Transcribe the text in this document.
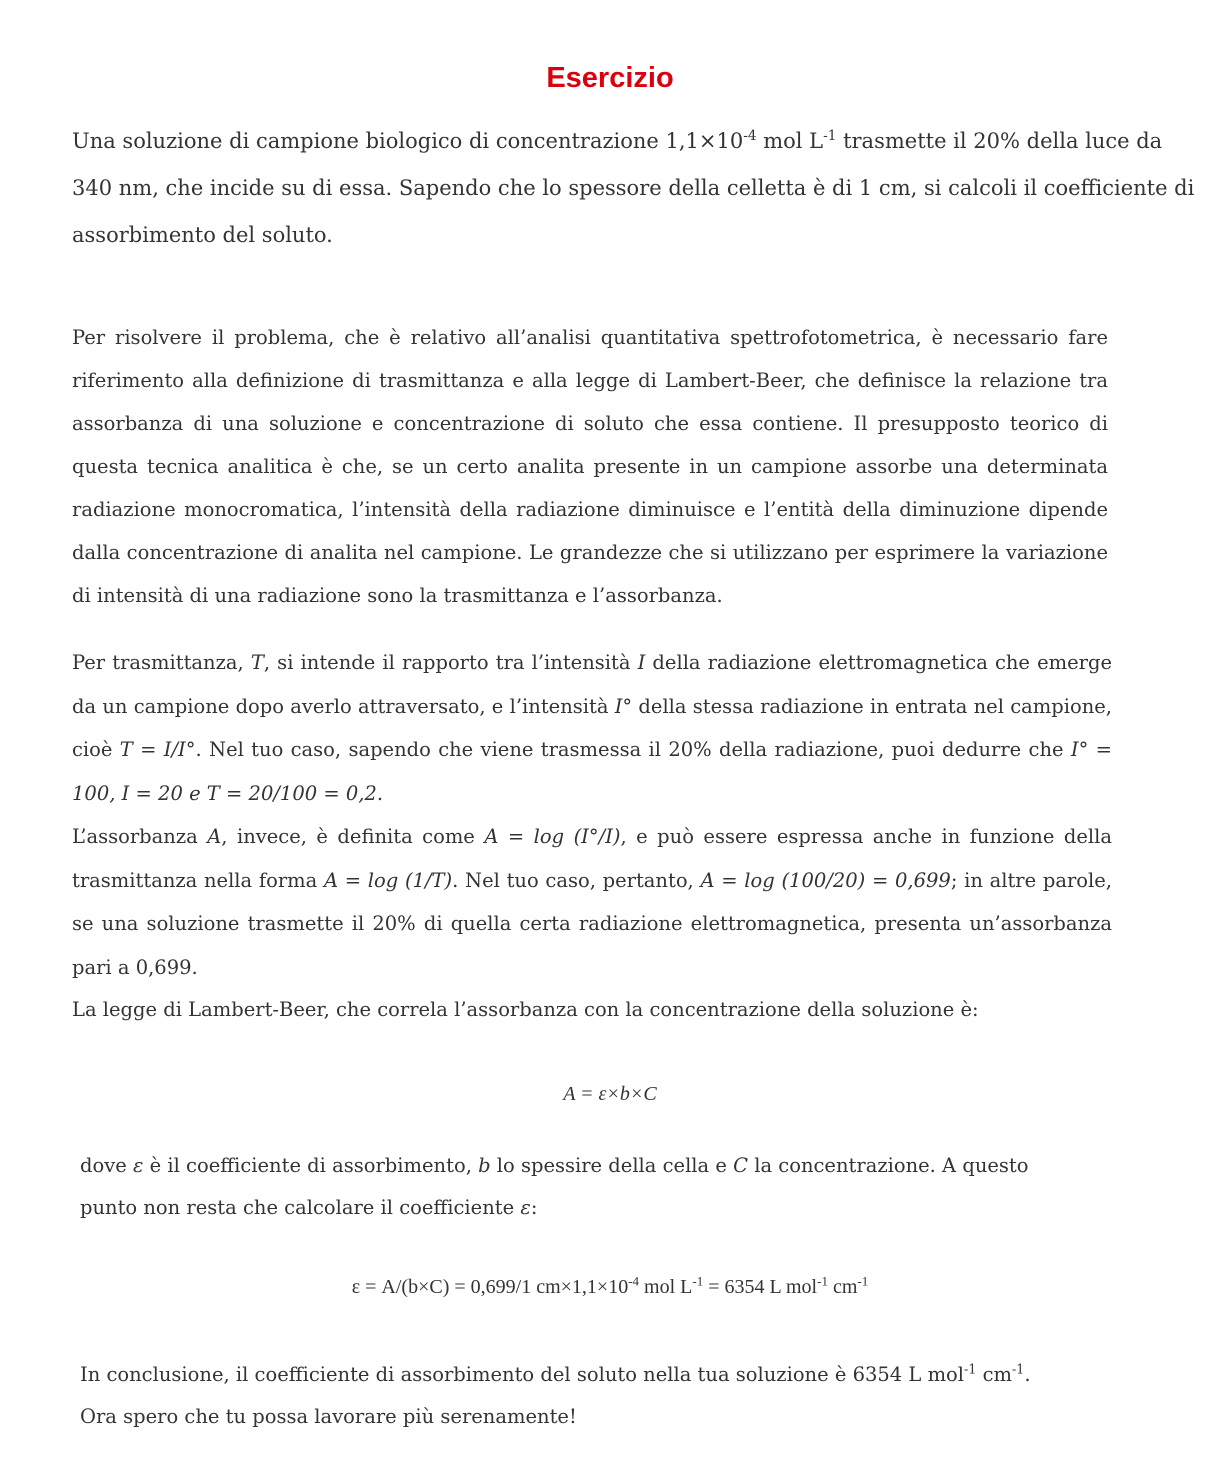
Esercizio

Una soluzione di campione biologico di concentrazione $1,1\times 10^{-4}$ mol $L^{-1}$ trasmette il 20% della luce da 340 nm, che incide su di essa. Sapendo che lo spessore della celletta è di 1 cm, si calcoli il coefficiente di assorbimento del soluto.

Per risolvere il problema, che è relativo all’analisi quantitativa spettrofotometrica, è necessario fare riferimento alla definizione di trasmittanza e alla legge di Lambert-Beer, che definisce la relazione tra assorbanza di una soluzione e concentrazione di soluto che essa contiene. Il presupposto teorico di questa tecnica analitica è che, se un certo analita presente in un campione assorbe una determinata radiazione monocromatica, l’intensità della radiazione diminuisce e l’entità della diminuzione dipende dalla concentrazione di analita nel campione. Le grandezze che si utilizzano per esprimere la variazione di intensità di una radiazione sono la trasmittanza e l’assorbanza.

Per trasmittanza, T, si intende il rapporto tra l’intensità I della radiazione elettromagnetica che emerge da un campione dopo averlo attraversato, e l’intensità I° della stessa radiazione in entrata nel campione, cioè T = I/I°. Nel tuo caso, sapendo che viene trasmessa il 20% della radiazione, puoi dedurre che I° = 100, I = 20 e T = 20/100 = 0,2.

L’assorbanza A, invece, è definita come A = log (I°/I), e può essere espressa anche in funzione della trasmittanza nella forma A = log (1/T). Nel tuo caso, pertanto, A = log (100/20) = 0,699; in altre parole, se una soluzione trasmette il 20% di quella certa radiazione elettromagnetica, presenta un’assorbanza pari a 0,699.

La legge di Lambert-Beer, che correla l’assorbanza con la concentrazione della soluzione è:

A = ε×b×C

dove ε è il coefficiente di assorbimento, b lo spessire della cella e C la concentrazione. A questo punto non resta che calcolare il coefficiente ε:

ε = A/(b×C) = 0,699/1 $cm\times 1,1\times 10^{-4}$ mol $L^{-1} = 6354$ L mol$^{-1}$ $cm^{-1}$

In conclusione, il coefficiente di assorbimento del soluto nella tua soluzione è 6354 L mol$^{-1}$ $cm^{-1}$.

Ora spero che tu possa lavorare più serenamente!
